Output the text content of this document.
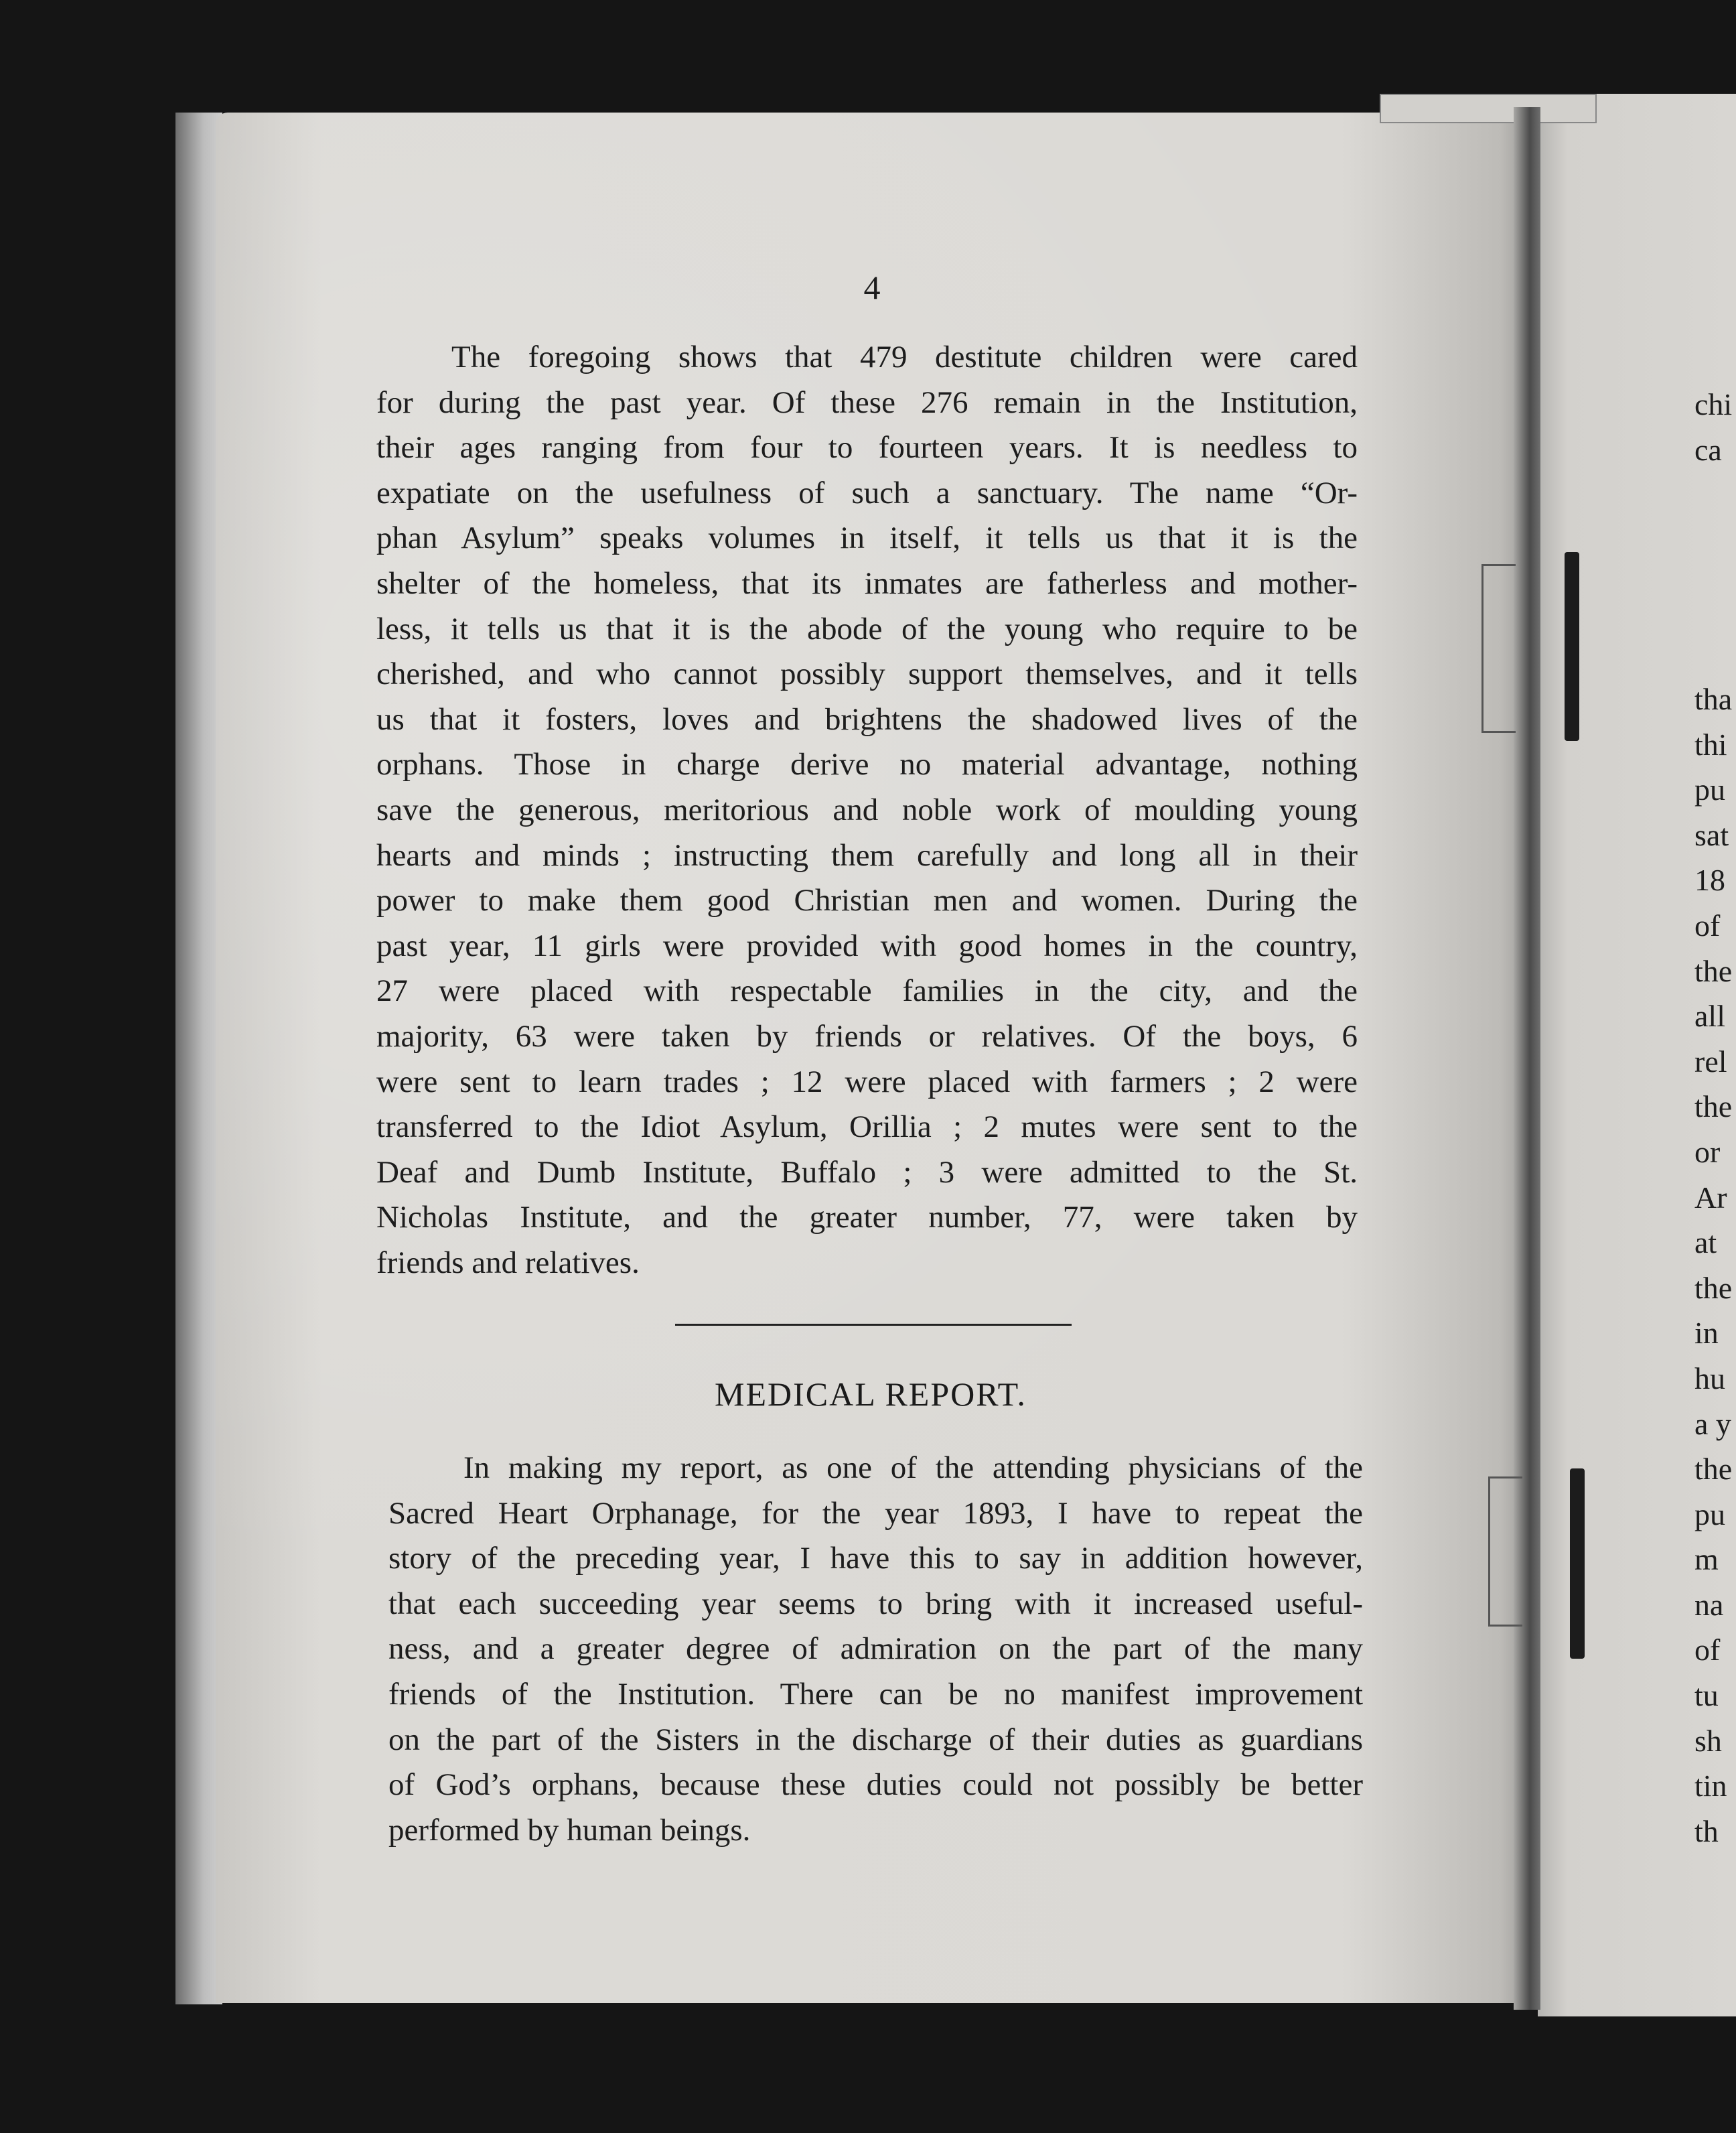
4
The foregoing shows that 479 destitute children were cared
for during the past year. Of these 276 remain in the Institution,
their ages ranging from four to fourteen years. It is needless to
expatiate on the usefulness of such a sanctuary. The name “Or-
phan Asylum” speaks volumes in itself, it tells us that it is the
shelter of the homeless, that its inmates are fatherless and mother-
less, it tells us that it is the abode of the young who require to be
cherished, and who cannot possibly support themselves, and it tells
us that it fosters, loves and brightens the shadowed lives of the
orphans. Those in charge derive no material advantage, nothing
save the generous, meritorious and noble work of moulding young
hearts and minds ; instructing them carefully and long all in their
power to make them good Christian men and women. During the
past year, 11 girls were provided with good homes in the country,
27 were placed with respectable families in the city, and the
majority, 63 were taken by friends or relatives. Of the boys, 6
were sent to learn trades ; 12 were placed with farmers ; 2 were
transferred to the Idiot Asylum, Orillia ; 2 mutes were sent to the
Deaf and Dumb Institute, Buffalo ; 3 were admitted to the St.
Nicholas Institute, and the greater number, 77, were taken by
friends and relatives.
MEDICAL REPORT.
In making my report, as one of the attending physicians of the
Sacred Heart Orphanage, for the year 1893, I have to repeat the
story of the preceding year, I have this to say in addition however,
that each succeeding year seems to bring with it increased useful-
ness, and a greater degree of admiration on the part of the many
friends of the Institution. There can be no manifest improvement
on the part of the Sisters in the discharge of their duties as guardians
of God’s orphans, because these duties could not possibly be better
performed by human beings.
chi
ca
tha
thi
pu
sat
18
of
the
all
rel
the
or
Ar
at
the
in
hu
a y
the
pu
m
na
of
tu
sh
tin
th
